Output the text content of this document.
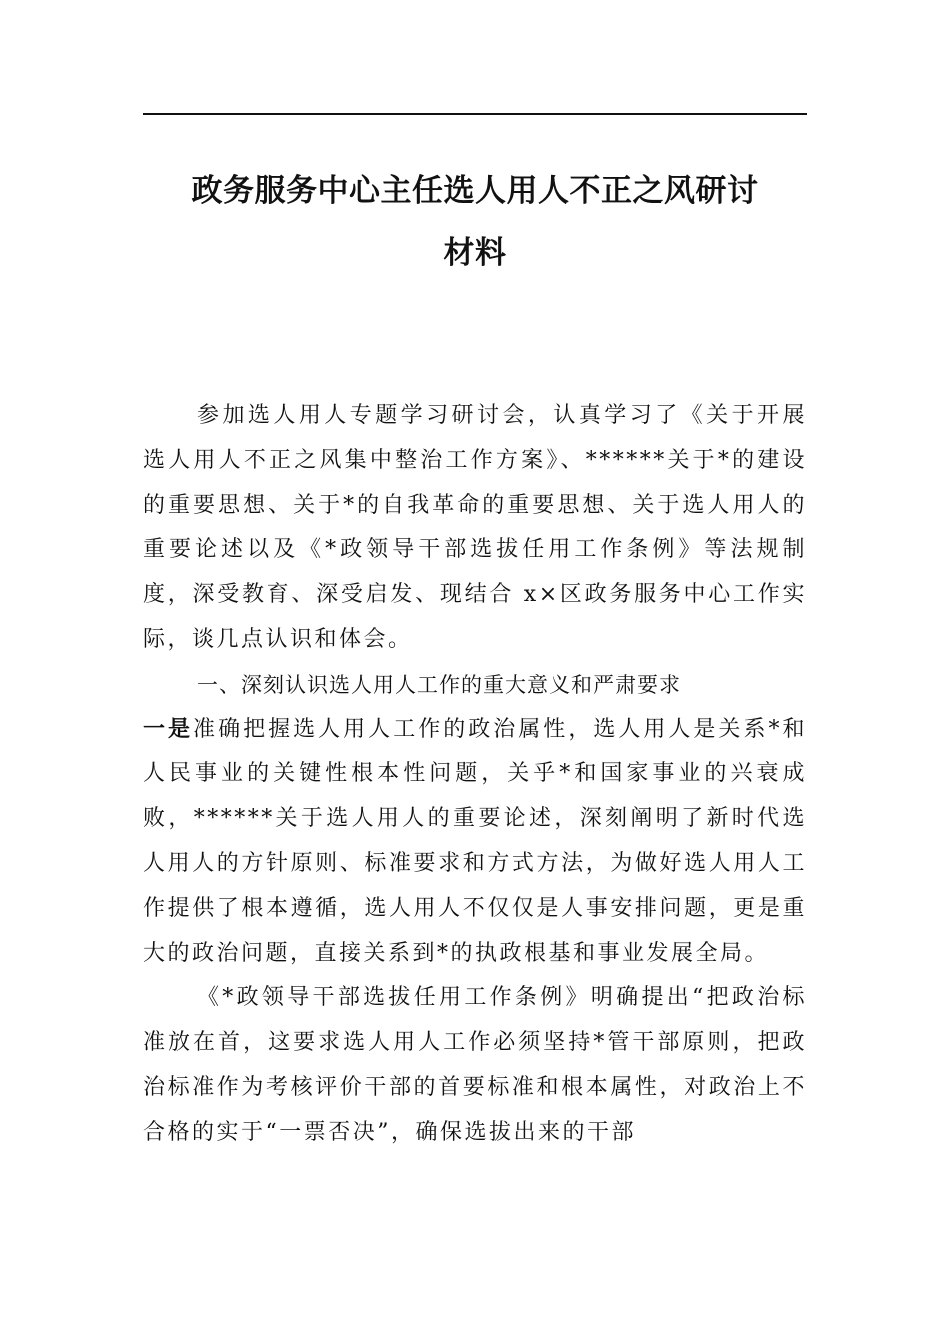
政务服务中心主任选人用人不正之风研讨
材料

参加选人用人专题学习研讨会，认真学习了《关于开展选人用人不正之风集中整治工作方案》、******关于*的建设的重要思想、关于*的自我革命的重要思想、关于选人用人的重要论述以及《*政领导干部选拔任用工作条例》等法规制度，深受教育、深受启发、现结合 x×区政务服务中心工作实际，谈几点认识和体会。

一、深刻认识选人用人工作的重大意义和严肃要求

一是准确把握选人用人工作的政治属性，选人用人是关系*和人民事业的关键性根本性问题，关乎*和国家事业的兴衰成败，******关于选人用人的重要论述，深刻阐明了新时代选人用人的方针原则、标准要求和方式方法，为做好选人用人工作提供了根本遵循，选人用人不仅仅是人事安排问题，更是重大的政治问题，直接关系到*的执政根基和事业发展全局。

《*政领导干部选拔任用工作条例》明确提出“把政治标准放在首，这要求选人用人工作必须坚持*管干部原则，把政治标准作为考核评价干部的首要标准和根本属性，对政治上不合格的实于“一票否决”，确保选拔出来的干部
